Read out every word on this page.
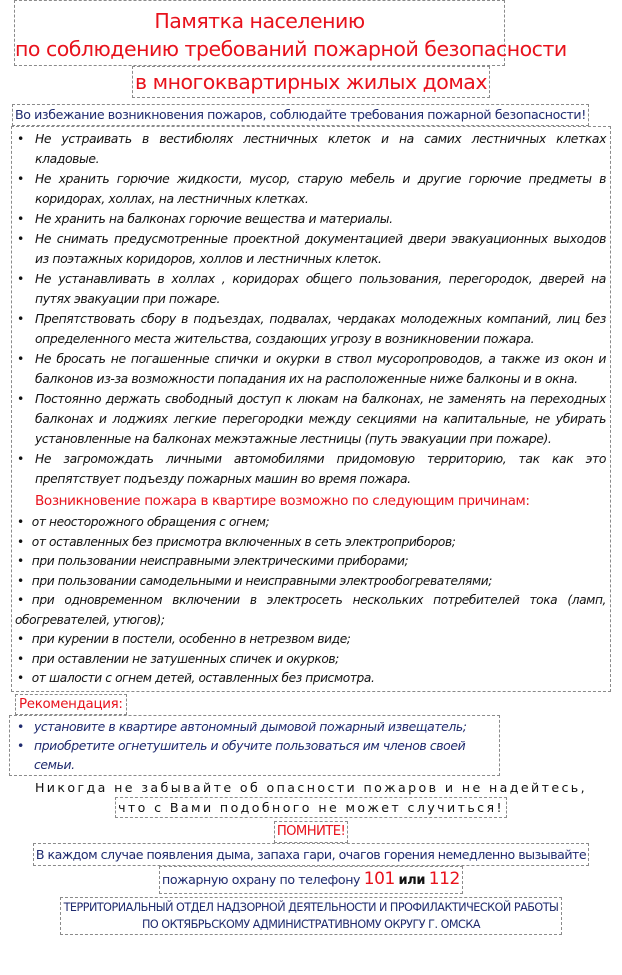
Памятка населению
по соблюдению требований пожарной безопасности
в многоквартирных жилых домах
Во избежание возникновения пожаров, соблюдайте требования пожарной безопасности!
• Не устраивать в вестибюлях лестничных клеток и на самих лестничных клетках кладовые.
• Не хранить горючие жидкости, мусор, старую мебель и другие горючие предметы в коридорах, холлах, на лестничных клетках.
• Не хранить на балконах горючие вещества и материалы.
• Не снимать предусмотренные проектной документацией двери эвакуационных выходов из поэтажных коридоров, холлов и лестничных клеток.
• Не устанавливать в холлах , коридорах общего пользования, перегородок, дверей на путях эвакуации при пожаре.
• Препятствовать сбору в подъездах, подвалах, чердаках молодежных компаний, лиц без определенного места жительства, создающих угрозу в возникновении пожара.
• Не бросать не погашенные спички и окурки в ствол мусоропроводов, а также из окон и балконов из-за возможности попадания их на расположенные ниже балконы и в окна.
• Постоянно держать свободный доступ к люкам на балконах, не заменять на переходных балконах и лоджиях легкие перегородки между секциями на капитальные, не убирать установленные на балконах межэтажные лестницы (путь эвакуации при пожаре).
• Не загромождать личными автомобилями придомовую территорию, так как это препятствует подъезду пожарных машин во время пожара.
Возникновение пожара в квартире возможно по следующим причинам:
• от неосторожного обращения с огнем;
• от оставленных без присмотра включенных в сеть электроприборов;
• при пользовании неисправными электрическими приборами;
• при пользовании самодельными и неисправными электрообогревателями;
• при одновременном включении в электросеть нескольких потребителей тока (ламп, обогревателей, утюгов);
• при курении в постели, особенно в нетрезвом виде;
• при оставлении не затушенных спичек и окурков;
• от шалости с огнем детей, оставленных без присмотра.
Рекомендация:
• установите в квартире автономный дымовой пожарный извещатель;
• приобретите огнетушитель и обучите пользоваться им членов своей семьи.
Никогда не забывайте об опасности пожаров и не надейтесь,
что с Вами подобного не может случиться!
ПОМНИТЕ!
В каждом случае появления дыма, запаха гари, очагов горения немедленно вызывайте
пожарную охрану по телефону 101 или 112
ТЕРРИТОРИАЛЬНЫЙ ОТДЕЛ НАДЗОРНОЙ ДЕЯТЕЛЬНОСТИ И ПРОФИЛАКТИЧЕСКОЙ РАБОТЫ
ПО ОКТЯБРЬСКОМУ АДМИНИСТРАТИВНОМУ ОКРУГУ Г. ОМСКА
